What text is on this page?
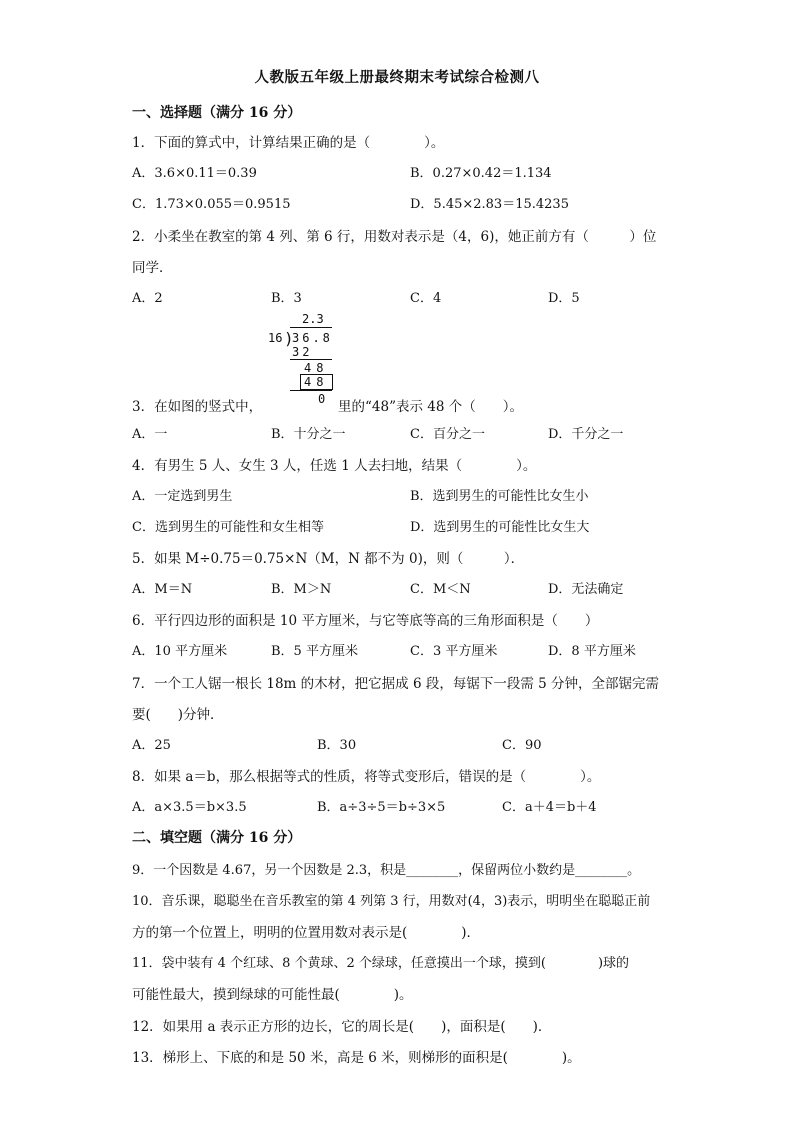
人教版五年级上册最终期末考试综合检测八
一、选择题（满分 16 分）
1．下面的算式中，计算结果正确的是（　　　　）。
A．3.6×0.11＝0.39	B．0.27×0.42＝1.134
C．1.73×0.055＝0.9515	D．5.45×2.83＝15.4235
2．小柔坐在教室的第 4 列、第 6 行，用数对表示是（4，6)，她正前方有（　　　）位
同学．
A．2	B．3	C．4	D．5
2.3
16 )
36.8
32
48
48
0
3．在如图的竖式中，	里的“48”表示 48 个（　　）。
A．一	B．十分之一	C．百分之一	D．千分之一
4．有男生 5 人、女生 3 人，任选 1 人去扫地，结果（　　　　）。
A．一定选到男生	B．选到男生的可能性比女生小
C．选到男生的可能性和女生相等	D．选到男生的可能性比女生大
5．如果 M÷0.75＝0.75×N（M，N 都不为 0)，则（　　　）．
A．M＝N	B．M＞N	C．M＜N	D．无法确定
6．平行四边形的面积是 10 平方厘米，与它等底等高的三角形面积是（　　）
A．10 平方厘米	B．5 平方厘米	C．3 平方厘米	D．8 平方厘米
7．一个工人锯一根长 18m 的木材，把它据成 6 段，每锯下一段需 5 分钟，全部锯完需
要(　　)分钟．
A．25	B．30	C．90
8．如果 a＝b，那么根据等式的性质，将等式变形后，错误的是（　　　　）。
A．a×3.5＝b×3.5	B．a÷3÷5＝b÷3×5	C．a＋4＝b＋4
二、填空题（满分 16 分）
9．一个因数是 4.67，另一个因数是 2.3，积是________，保留两位小数约是________。
10．音乐课，聪聪坐在音乐教室的第 4 列第 3 行，用数对(4，3)表示，明明坐在聪聪正前
方的第一个位置上，明明的位置用数对表示是(　　　　)．
11．袋中装有 4 个红球、8 个黄球、2 个绿球，任意摸出一个球，摸到(　　　　)球的
可能性最大，摸到绿球的可能性最(　　　　)。
12．如果用 a 表示正方形的边长，它的周长是(　　)，面积是(　　)．
13．梯形上、下底的和是 50 米，高是 6 米，则梯形的面积是(　　　　)。
